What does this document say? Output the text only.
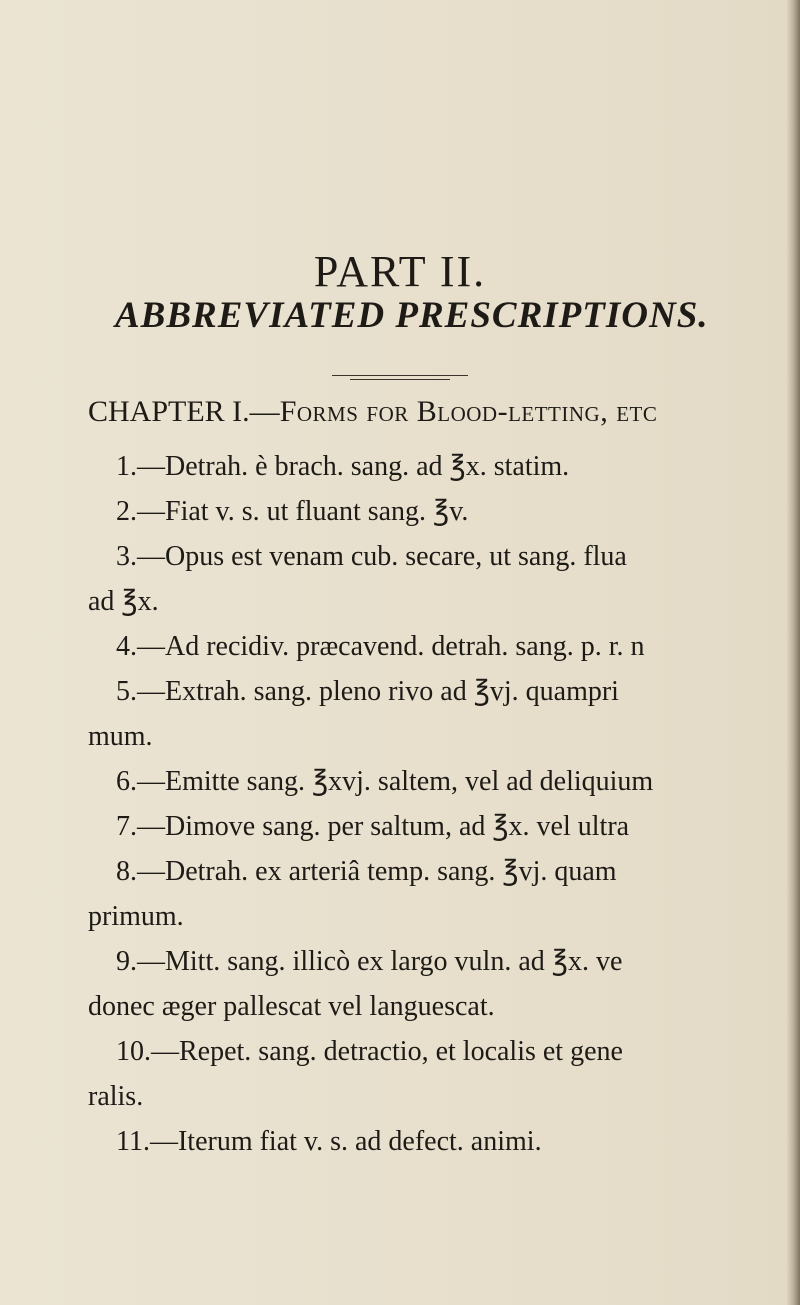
PART II.
ABBREVIATED PRESCRIPTIONS.
CHAPTER I.—Forms for Blood-letting, etc
1.—Detrah. è brach. sang. ad ℥x. statim.
2.—Fiat v. s. ut fluant sang. ℥v.
3.—Opus est venam cub. secare, ut sang. flua
ad ℥x.
4.—Ad recidiv. præcavend. detrah. sang. p. r. n
5.—Extrah. sang. pleno rivo ad ℥vj. quampri
mum.
6.—Emitte sang. ℥xvj. saltem, vel ad deliquium
7.—Dimove sang. per saltum, ad ℥x. vel ultra
8.—Detrah. ex arteriâ temp. sang. ℥vj. quam
primum.
9.—Mitt. sang. illicò ex largo vuln. ad ℥x. ve
donec æger pallescat vel languescat.
10.—Repet. sang. detractio, et localis et gene
ralis.
11.—Iterum fiat v. s. ad defect. animi.
